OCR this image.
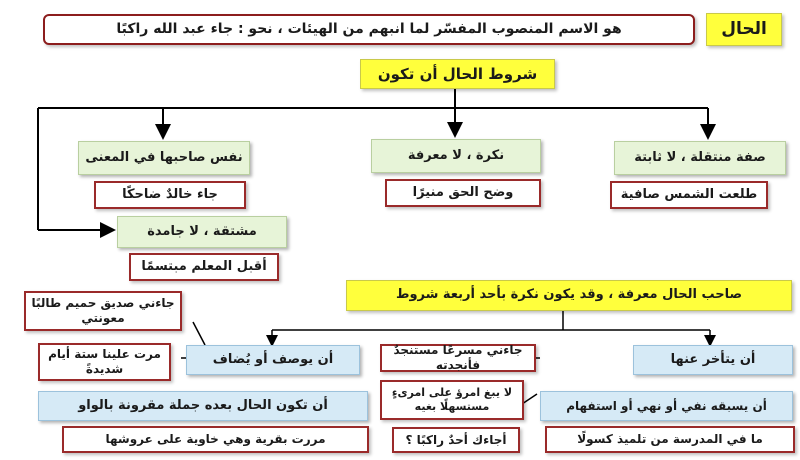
الحال
هو الاسم المنصوب المفسّر لما انبهم من الهيئات ، نحو : جاء عبد الله راكبًا
شروط الحال أن تكون
صفة منتقلة ، لا ثابتة
طلعت الشمس صافية
نكرة ، لا معرفة
وضح الحق منيرًا
نفس صاحبها في المعنى
جاء خالدٌ ضاحكًا
مشتقة ، لا جامدة
أقبل المعلم مبتسمًا
صاحب الحال معرفة ، وقد يكون نكرة بأحد أربعة شروط
أن يتأخر عنها
جاءني مسرعًا مستنجدٌ فأنجدته
أن يوصف أو يُضاف
مرت علينا ستة أيام شديدةً
جاءني صديق حميم طالبًا معونتي
أن يسبقه نفي أو نهي أو استفهام
ما في المدرسة من تلميذ كسولًا
لا يبغ امرؤ على امرىءٍ مستسهلًا بغيه
أن تكون الحال بعده جملة مقرونة بالواو
مررت بقرية وهي خاوية على عروشها	أجاءك أحدٌ راكبًا ؟
